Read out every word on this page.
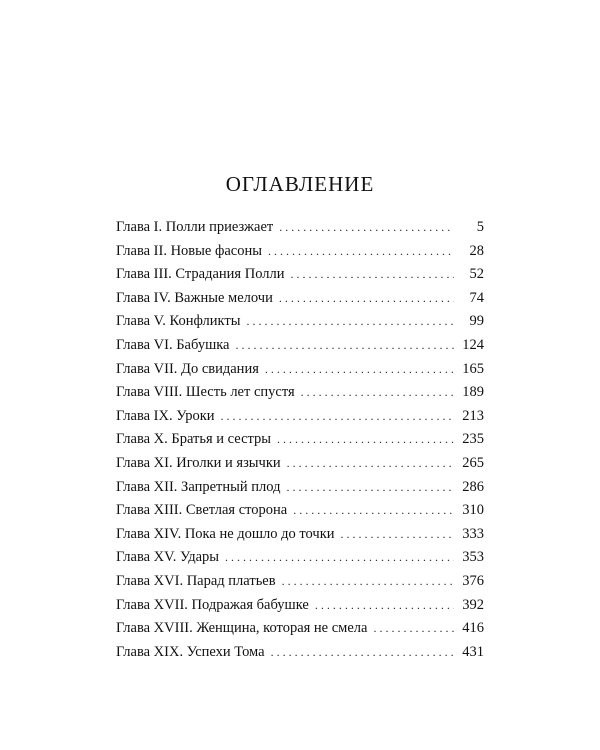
ОГЛАВЛЕНИЕ
Глава I. Полли приезжает . . .	5
Глава II. Новые фасоны . . .	28
Глава III. Страдания Полли . . .	52
Глава IV. Важные мелочи . . .	74
Глава V. Конфликты . . .	99
Глава VI. Бабушка . . .	124
Глава VII. До свидания . . .	165
Глава VIII. Шесть лет спустя . . .	189
Глава IX. Уроки . . .	213
Глава X. Братья и сестры . . .	235
Глава XI. Иголки и язычки . . .	265
Глава XII. Запретный плод . . .	286
Глава XIII. Светлая сторона . . .	310
Глава XIV. Пока не дошло до точки . . .	333
Глава XV. Удары . . .	353
Глава XVI. Парад платьев . . .	376
Глава XVII. Подражая бабушке . . .	392
Глава XVIII. Женщина, которая не смела . . .	416
Глава XIX. Успехи Тома . . .	431
